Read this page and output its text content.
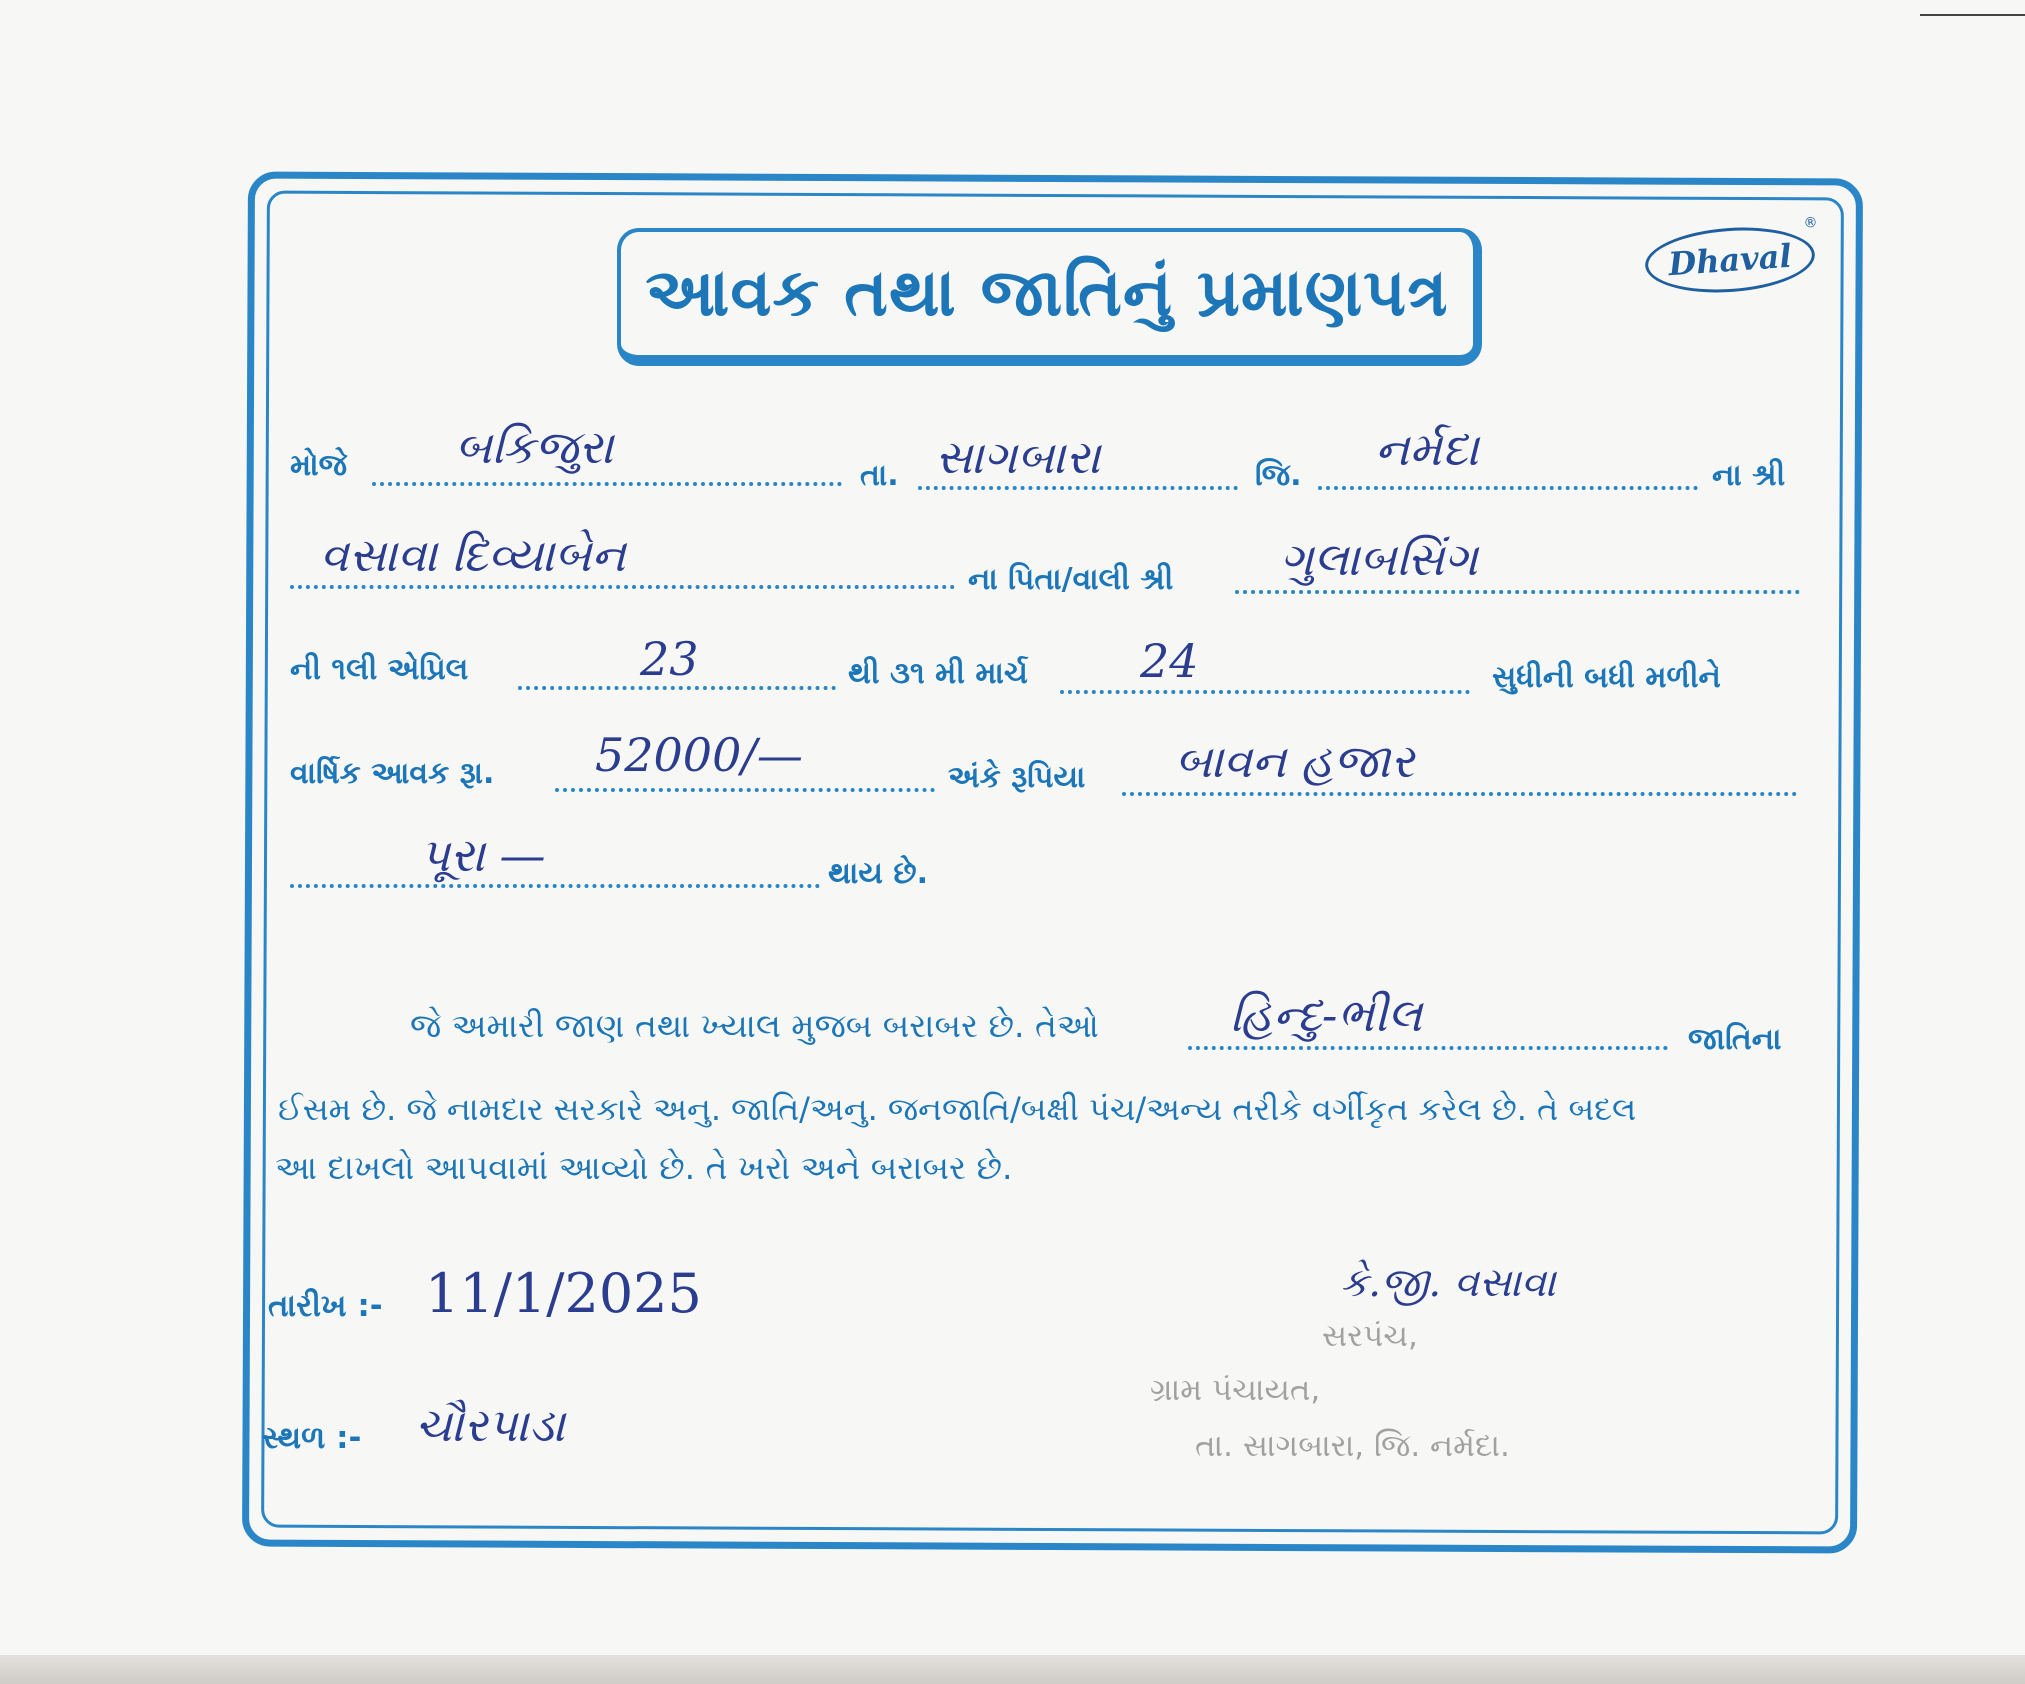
આવક તથા જાતિનું પ્રમાણપત્ર	Dhaval
®
મોજે બકિજુરા
તા. સાગબારા	જિ. નર્મદા	ના શ્રી
વસાવા દિવ્યાબેન	ના પિતા/વાલી શ્રી ગુલાબસિંગ
ની ૧લી એપ્રિલ	23	થી ૩૧ મી માર્ચ 24	સુધીની બધી મળીને
વાર્ષિક આવક રૂા. 52000/—	અંકે રૂપિયા બાવન હજાર
પૂરા —	થાય છે.
જે અમારી જાણ તથા ખ્યાલ મુજબ બરાબર છે. તેઓ	હિન્દુ-ભીલ	જાતિના
ઈસમ છે. જે નામદાર સરકારે અનુ. જાતિ/અનુ. જનજાતિ/બક્ષી પંચ/અન્ય તરીકે વર્ગીકૃત કરેલ છે. તે બદલ
આ દાખલો આપવામાં આવ્યો છે. તે ખરો અને બરાબર છે.
તારીખ :- 11/1/2025
સ્થળ :- ચૌરપાડા
કે.જી. વસાવા
સરપંચ,
ગ્રામ પંચાયત,
તા. સાગબારા, જિ. નર્મદા.
